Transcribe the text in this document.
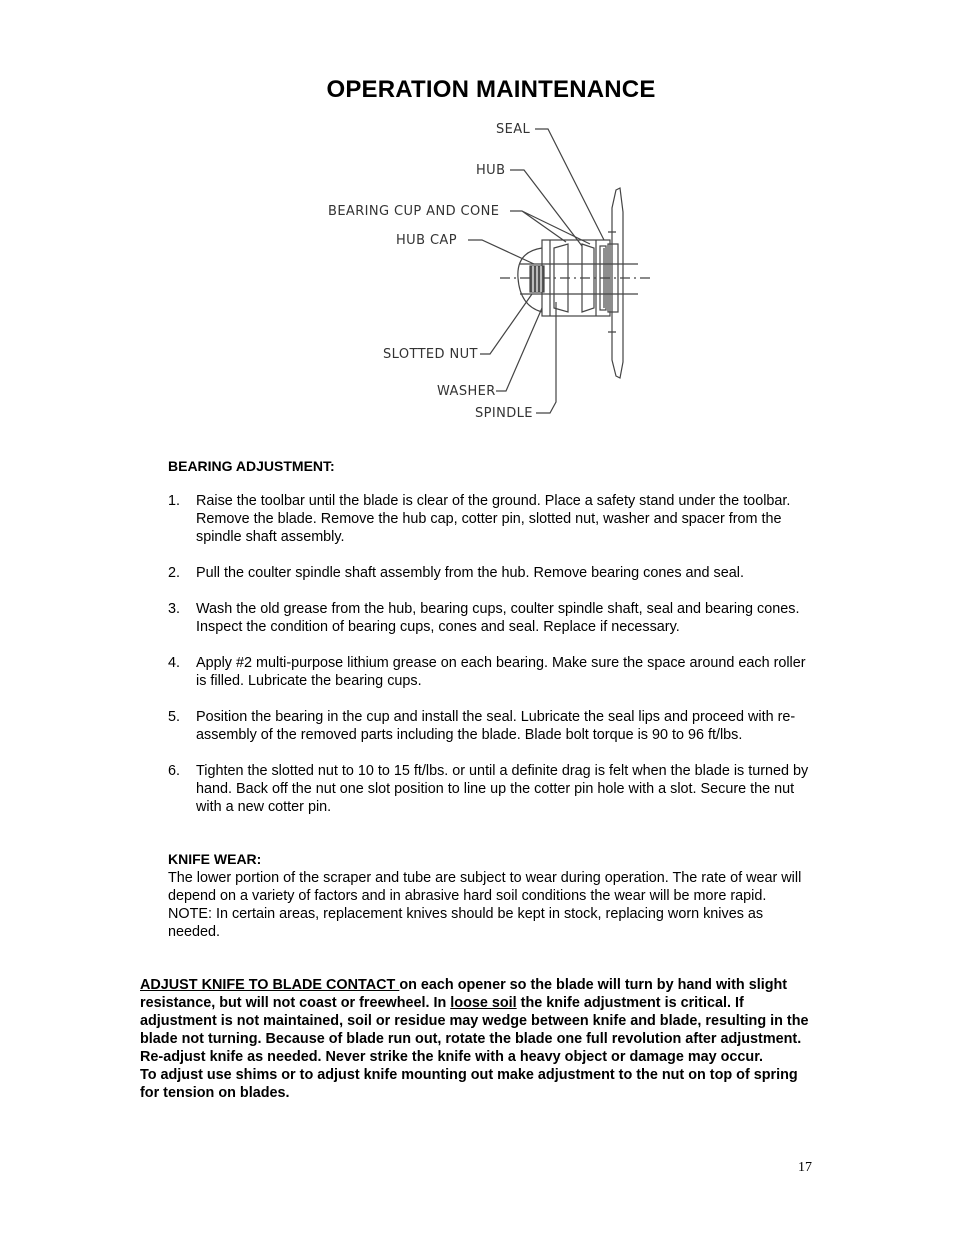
OPERATION MAINTENANCE
SEAL
HUB
BEARING CUP AND CONE
HUB CAP
SLOTTED NUT
WASHER
SPINDLE
BEARING ADJUSTMENT:
1. Raise the toolbar until the blade is clear of the ground. Place a safety stand under the toolbar. Remove the blade. Remove the hub cap, cotter pin, slotted nut, washer and spacer from the spindle shaft assembly.
2. Pull the coulter spindle shaft assembly from the hub. Remove bearing cones and seal.
3. Wash the old grease from the hub, bearing cups, coulter spindle shaft, seal and bearing cones. Inspect the condition of bearing cups, cones and seal. Replace if necessary.
4. Apply #2 multi-purpose lithium grease on each bearing. Make sure the space around each roller is filled. Lubricate the bearing cups.
5. Position the bearing in the cup and install the seal. Lubricate the seal lips and proceed with re-assembly of the removed parts including the blade. Blade bolt torque is 90 to 96 ft/lbs.
6. Tighten the slotted nut to 10 to 15 ft/lbs. or until a definite drag is felt when the blade is turned by hand. Back off the nut one slot position to line up the cotter pin hole with a slot. Secure the nut with a new cotter pin.
KNIFE WEAR:

The lower portion of the scraper and tube are subject to wear during operation. The rate of wear will depend on a variety of factors and in abrasive hard soil conditions the wear will be more rapid.

NOTE: In certain areas, replacement knives should be kept in stock, replacing worn knives as needed.

ADJUST KNIFE TO BLADE CONTACT on each opener so the blade will turn by hand with slight resistance, but will not coast or freewheel. In loose soil the knife adjustment is critical. If adjustment is not maintained, soil or residue may wedge between knife and blade, resulting in the blade not turning. Because of blade run out, rotate the blade one full revolution after adjustment. Re-adjust knife as needed. Never strike the knife with a heavy object or damage may occur.

To adjust use shims or to adjust knife mounting out make adjustment to the nut on top of spring for tension on blades.

17
